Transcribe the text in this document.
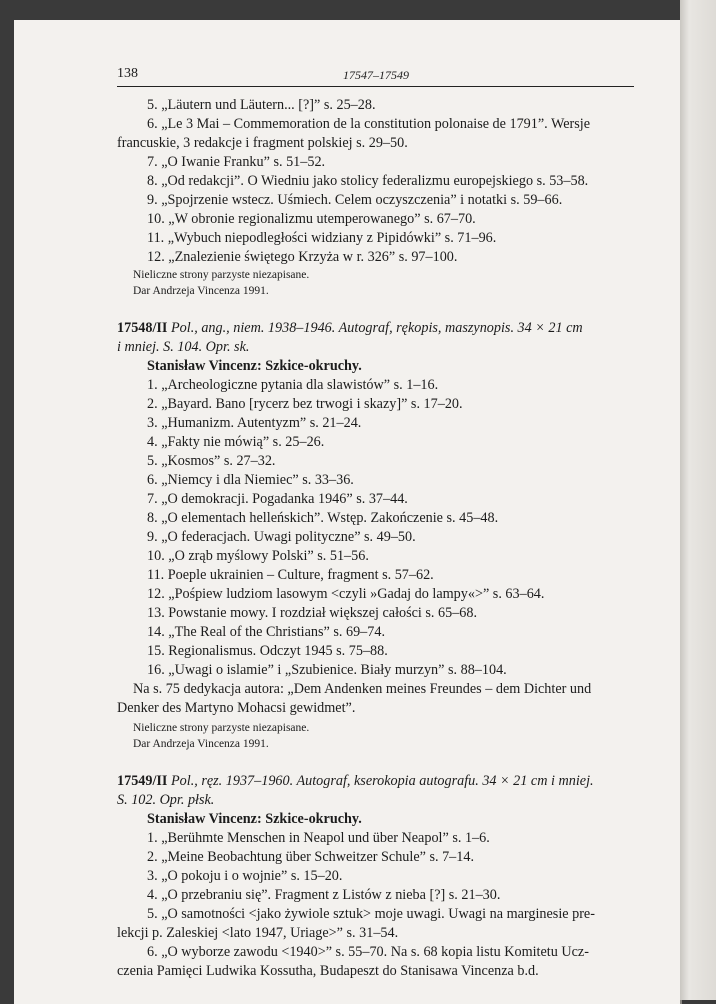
138	17547–17549

5. „Läutern und Läutern... [?]” s. 25–28.

6. „Le 3 Mai – Commemoration de la constitution polonaise de 1791”. Wersje

francuskie, 3 redakcje i fragment polskiej s. 29–50.

7. „O Iwanie Franku” s. 51–52.

8. „Od redakcji”. O Wiedniu jako stolicy federalizmu europejskiego s. 53–58.

9. „Spojrzenie wstecz. Uśmiech. Celem oczyszczenia” i notatki s. 59–66.

10. „W obronie regionalizmu utemperowanego” s. 67–70.

11. „Wybuch niepodległości widziany z Pipidówki” s. 71–96.

12. „Znalezienie świętego Krzyża w r. 326” s. 97–100.

Nieliczne strony parzyste niezapisane.

Dar Andrzeja Vincenza 1991.

17548/II Pol., ang., niem. 1938–1946. Autograf, rękopis, maszynopis. 34 × 21 cm

i mniej. S. 104. Opr. sk.

Stanisław Vincenz: Szkice-okruchy.

1. „Archeologiczne pytania dla slawistów” s. 1–16.

2. „Bayard. Bano [rycerz bez trwogi i skazy]” s. 17–20.

3. „Humanizm. Autentyzm” s. 21–24.

4. „Fakty nie mówią” s. 25–26.

5. „Kosmos” s. 27–32.

6. „Niemcy i dla Niemiec” s. 33–36.

7. „O demokracji. Pogadanka 1946” s. 37–44.

8. „O elementach helleńskich”. Wstęp. Zakończenie s. 45–48.

9. „O federacjach. Uwagi polityczne” s. 49–50.

10. „O zrąb myślowy Polski” s. 51–56.

11. Poeple ukrainien – Culture, fragment s. 57–62.

12. „Pośpiew ludziom lasowym <czyli »Gadaj do lampy«>” s. 63–64.

13. Powstanie mowy. I rozdział większej całości s. 65–68.

14. „The Real of the Christians” s. 69–74.

15. Regionalismus. Odczyt 1945 s. 75–88.

16. „Uwagi o islamie” i „Szubienice. Biały murzyn” s. 88–104.

Na s. 75 dedykacja autora: „Dem Andenken meines Freundes – dem Dichter und

Denker des Martyno Mohacsi gewidmet”.

Nieliczne strony parzyste niezapisane.

Dar Andrzeja Vincenza 1991.

17549/II Pol., ręz. 1937–1960. Autograf, kserokopia autografu. 34 × 21 cm i mniej.

S. 102. Opr. płsk.

Stanisław Vincenz: Szkice-okruchy.

1. „Berühmte Menschen in Neapol und über Neapol” s. 1–6.

2. „Meine Beobachtung über Schweitzer Schule” s. 7–14.

3. „O pokoju i o wojnie” s. 15–20.

4. „O przebraniu się”. Fragment z Listów z nieba [?] s. 21–30.

5. „O samotności <jako żywiole sztuk> moje uwagi. Uwagi na marginesie pre-

lekcji p. Zaleskiej <lato 1947, Uriage>” s. 31–54.

6. „O wyborze zawodu <1940>” s. 55–70. Na s. 68 kopia listu Komitetu Ucz-

czenia Pamięci Ludwika Kossutha, Budapeszt do Stanisawa Vincenza b.d.
